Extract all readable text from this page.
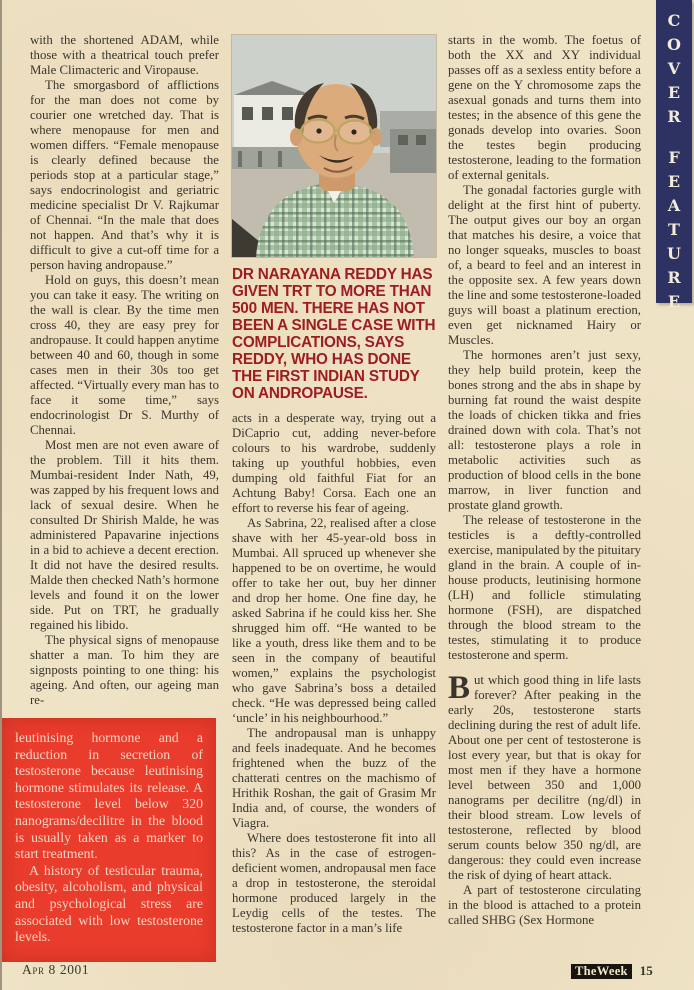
with the shortened ADAM, while those with a theatrical touch prefer Male Climacteric and Viropause.

The smorgasbord of afflictions for the man does not come by courier one wretched day. That is where menopause for men and women differs. “Female menopause is clearly defined because the periods stop at a particular stage,” says endocrinologist and geriatric medicine specialist Dr V. Rajkumar of Chennai. “In the male that does not happen. And that’s why it is difficult to give a cut-off time for a person having andropause.”

Hold on guys, this doesn’t mean you can take it easy. The writing on the wall is clear. By the time men cross 40, they are easy prey for andropause. It could happen anytime between 40 and 60, though in some cases men in their 30s too get affected. “Virtually every man has to face it some time,” says endocrinologist Dr S. Murthy of Chennai.

Most men are not even aware of the problem. Till it hits them. Mumbai-resident Inder Nath, 49, was zapped by his frequent lows and lack of sexual desire. When he consulted Dr Shirish Malde, he was administered Papavarine injections in a bid to achieve a decent erection. It did not have the desired results. Malde then checked Nath’s hormone levels and found it on the lower side. Put on TRT, he gradually regained his libido.

The physical signs of menopause shatter a man. To him they are signposts pointing to one thing: his ageing. And often, our ageing man re-

DR NARAYANA REDDY HAS GIVEN TRT TO MORE THAN 500 MEN. THERE HAS NOT BEEN A SINGLE CASE WITH COMPLICATIONS, SAYS REDDY, WHO HAS DONE THE FIRST INDIAN STUDY ON ANDROPAUSE.

acts in a desperate way, trying out a DiCaprio cut, adding never-before colours to his wardrobe, suddenly taking up youthful hobbies, even dumping old faithful Fiat for an Achtung Baby! Corsa. Each one an effort to reverse his fear of ageing.

As Sabrina, 22, realised after a close shave with her 45-year-old boss in Mumbai. All spruced up whenever she happened to be on overtime, he would offer to take her out, buy her dinner and drop her home. One fine day, he asked Sabrina if he could kiss her. She shrugged him off. “He wanted to be like a youth, dress like them and to be seen in the company of beautiful women,” explains the psychologist who gave Sabrina’s boss a detailed check. “He was depressed being called ‘uncle’ in his neighbourhood.”

The andropausal man is unhappy and feels inadequate. And he becomes frightened when the buzz of the chatterati centres on the machismo of Hrithik Roshan, the gait of Grasim Mr India and, of course, the wonders of Viagra.

Where does testosterone fit into all this? As in the case of estrogen-deficient women, andropausal men face a drop in testosterone, the steroidal hormone produced largely in the Leydig cells of the testes. The testosterone factor in a man’s life

starts in the womb. The foetus of both the XX and XY individual passes off as a sexless entity before a gene on the Y chromosome zaps the asexual gonads and turns them into testes; in the absence of this gene the gonads develop into ovaries. Soon the testes begin producing testosterone, leading to the formation of external genitals.

The gonadal factories gurgle with delight at the first hint of puberty. The output gives our boy an organ that matches his desire, a voice that no longer squeaks, muscles to boast of, a beard to feel and an interest in the opposite sex. A few years down the line and some testosterone-loaded guys will boast a platinum erection, even get nicknamed Hairy or Muscles.

The hormones aren’t just sexy, they help build protein, keep the bones strong and the abs in shape by burning fat round the waist despite the loads of chicken tikka and fries drained down with cola. That’s not all: testosterone plays a role in metabolic activities such as production of blood cells in the bone marrow, in liver function and prostate gland growth.

The release of testosterone in the testicles is a deftly-controlled exercise, manipulated by the pituitary gland in the brain. A couple of in-house products, leutinising hormone (LH) and follicle stimulating hormone (FSH), are dispatched through the blood stream to the testes, stimulating it to produce testosterone and sperm.

But which good thing in life lasts forever? After peaking in the early 20s, testosterone starts declining during the rest of adult life. About one per cent of testosterone is lost every year, but that is okay for most men if they have a hormone level between 350 and 1,000 nanograms per decilitre (ng/dl) in their blood stream. Low levels of testosterone, reflected by blood serum counts below 350 ng/dl, are dangerous: they could even increase the risk of dying of heart attack.

A part of testosterone circulating in the blood is attached to a protein called SHBG (Sex Hormone

leutinising hormone and a reduction in secretion of testosterone because leutinising hormone stimulates its release. A testosterone level below 320 nanograms/decilitre in the blood is usually taken as a marker to start treatment.

A history of testicular trauma, obesity, alcoholism, and physical and psychological stress are associated with low testosterone levels.

COVER
FEATURE
Apr 8 2001	TheWeek 15
